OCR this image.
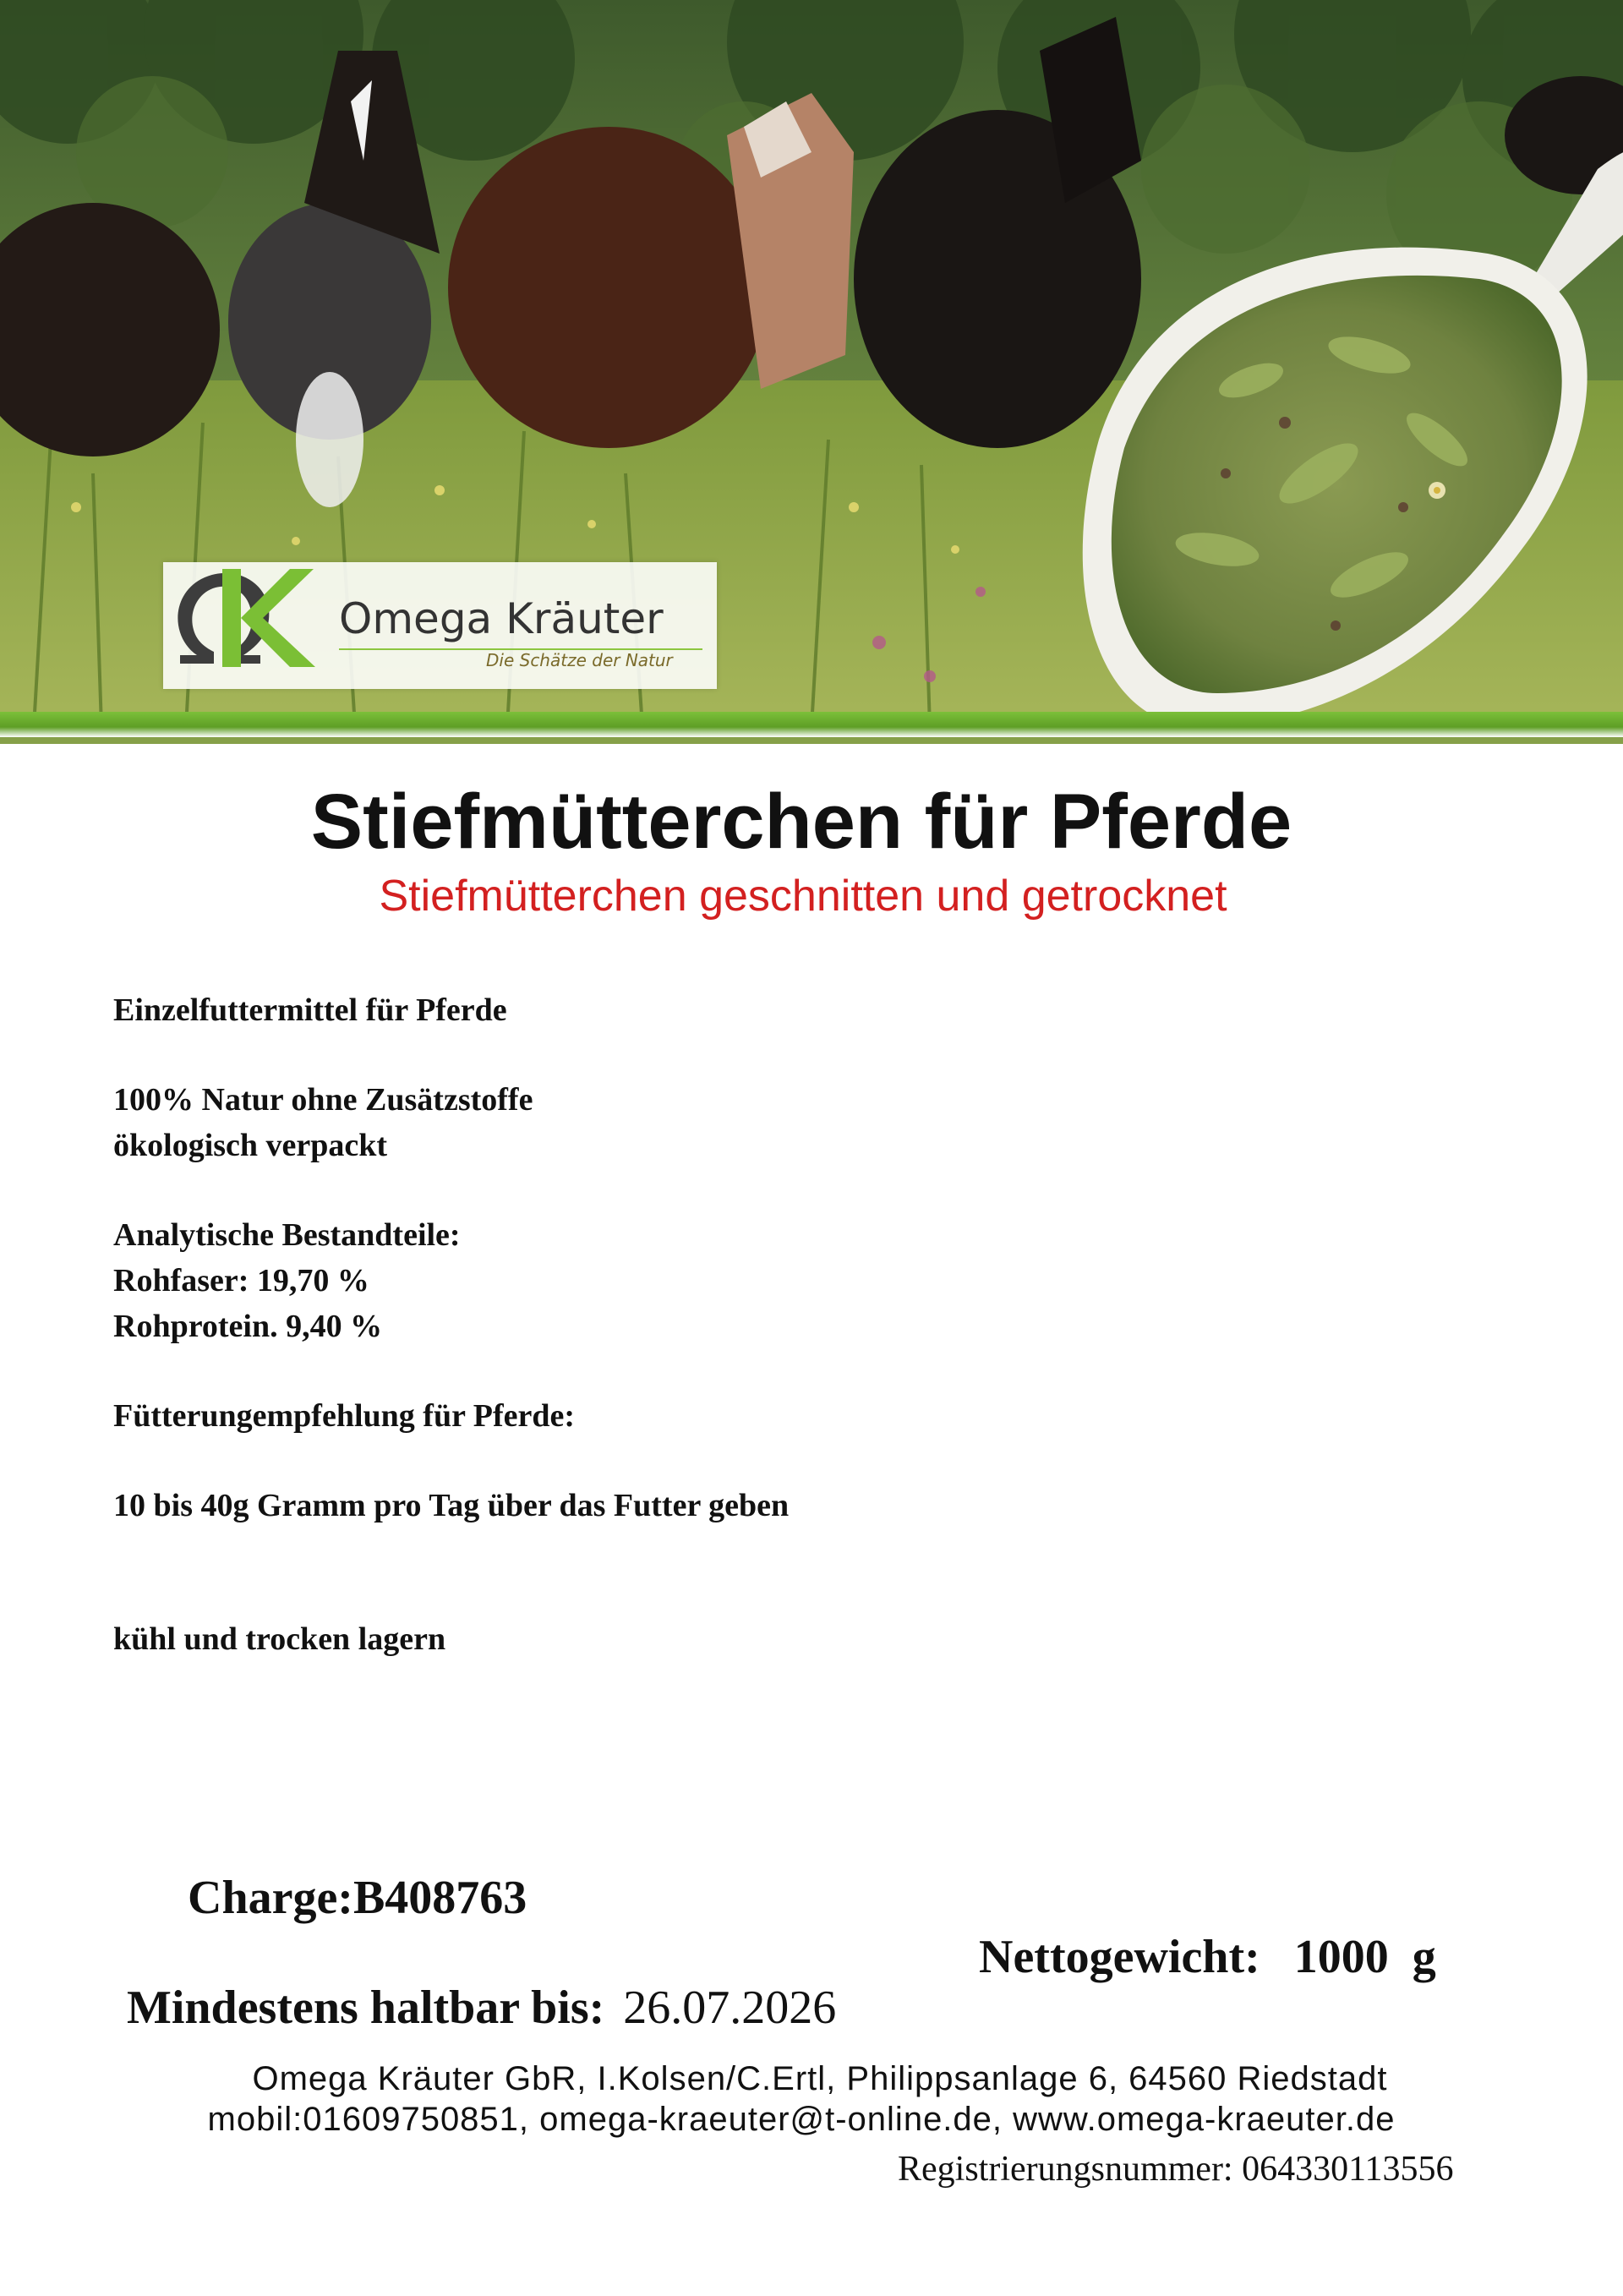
Omega Kräuter
Die Schätze der Natur
Stiefmütterchen für Pferde
Stiefmütterchen geschnitten und getrocknet
Einzelfuttermittel für Pferde
100% Natur ohne Zusätzstoffe
ökologisch verpackt
Analytische Bestandteile:
Rohfaser: 19,70 %
Rohprotein. 9,40 %
Fütterungempfehlung für Pferde:
10 bis 40g Gramm pro Tag über das Futter geben
kühl und trocken lagern
Charge:B408763
Nettogewicht: 1000  g
Mindestens haltbar bis: 26.07.2026
Omega Kräuter GbR, I.Kolsen/C.Ertl, Philippsanlage 6, 64560 Riedstadt
mobil:01609750851, omega-kraeuter@t-online.de, www.omega-kraeuter.de
Registrierungsnummer: 064330113556
